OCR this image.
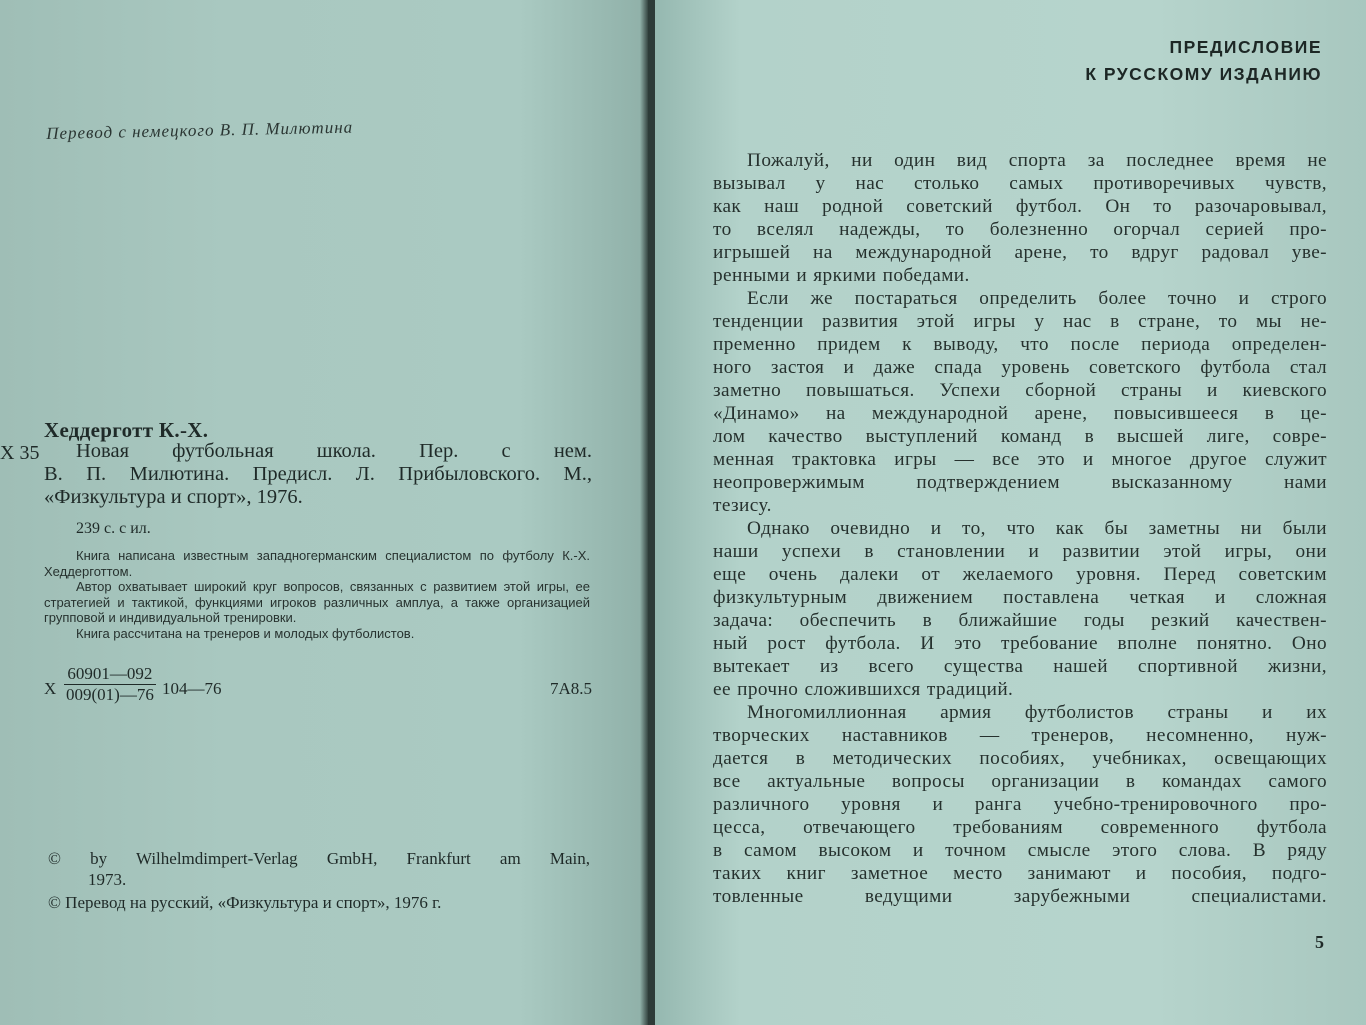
Перевод с немецкого В. П. Милютина

Хеддерготт К.-Х.

Х 35 Новая футбольная школа. Пер. с нем.
В. П. Милютина. Предисл. Л. Прибыловского. М.,
«Физкультура и спорт», 1976.

239 с. с ил.

Книга написана известным западногерманским специалистом по футболу К.-Х. Хеддерготтом.

Автор охватывает широкий круг вопросов, связанных с развитием этой игры, ее стратегией и тактикой, функциями игроков различных амплуа, а также организацией групповой и индивидуальной тренировки.

Книга рассчитана на тренеров и молодых футболистов.

Х $\frac{60901—092}{009(01)—76}$ 104—76	7А8.5

© by Wilhelmdimpert-Verlag GmbH, Frankfurt am Main,

1973.

© Перевод на русский, «Физкультура и спорт», 1976 г.

ПРЕДИСЛОВИЕ
К РУССКОМУ ИЗДАНИЮ
Пожалуй, ни один вид спорта за последнее время не
вызывал у нас столько самых противоречивых чувств,
как наш родной советский футбол. Он то разочаровывал,
то вселял надежды, то болезненно огорчал серией про-
игрышей на международной арене, то вдруг радовал уве-
ренными и яркими победами.
Если же постараться определить более точно и строго
тенденции развития этой игры у нас в стране, то мы не-
пременно придем к выводу, что после периода определен-
ного застоя и даже спада уровень советского футбола стал
заметно повышаться. Успехи сборной страны и киевского
«Динамо» на международной арене, повысившееся в це-
лом качество выступлений команд в высшей лиге, совре-
менная трактовка игры — все это и многое другое служит
неопровержимым подтверждением высказанному нами
тезису.
Однако очевидно и то, что как бы заметны ни были
наши успехи в становлении и развитии этой игры, они
еще очень далеки от желаемого уровня. Перед советским
физкультурным движением поставлена четкая и сложная
задача: обеспечить в ближайшие годы резкий качествен-
ный рост футбола. И это требование вполне понятно. Оно
вытекает из всего существа нашей спортивной жизни,
ее прочно сложившихся традиций.
Многомиллионная армия футболистов страны и их
творческих наставников — тренеров, несомненно, нуж-
дается в методических пособиях, учебниках, освещающих
все актуальные вопросы организации в командах самого
различного уровня и ранга учебно-тренировочного про-
цесса, отвечающего требованиям современного футбола
в самом высоком и точном смысле этого слова. В ряду
таких книг заметное место занимают и пособия, подго-
товленные ведущими зарубежными специалистами.

5
